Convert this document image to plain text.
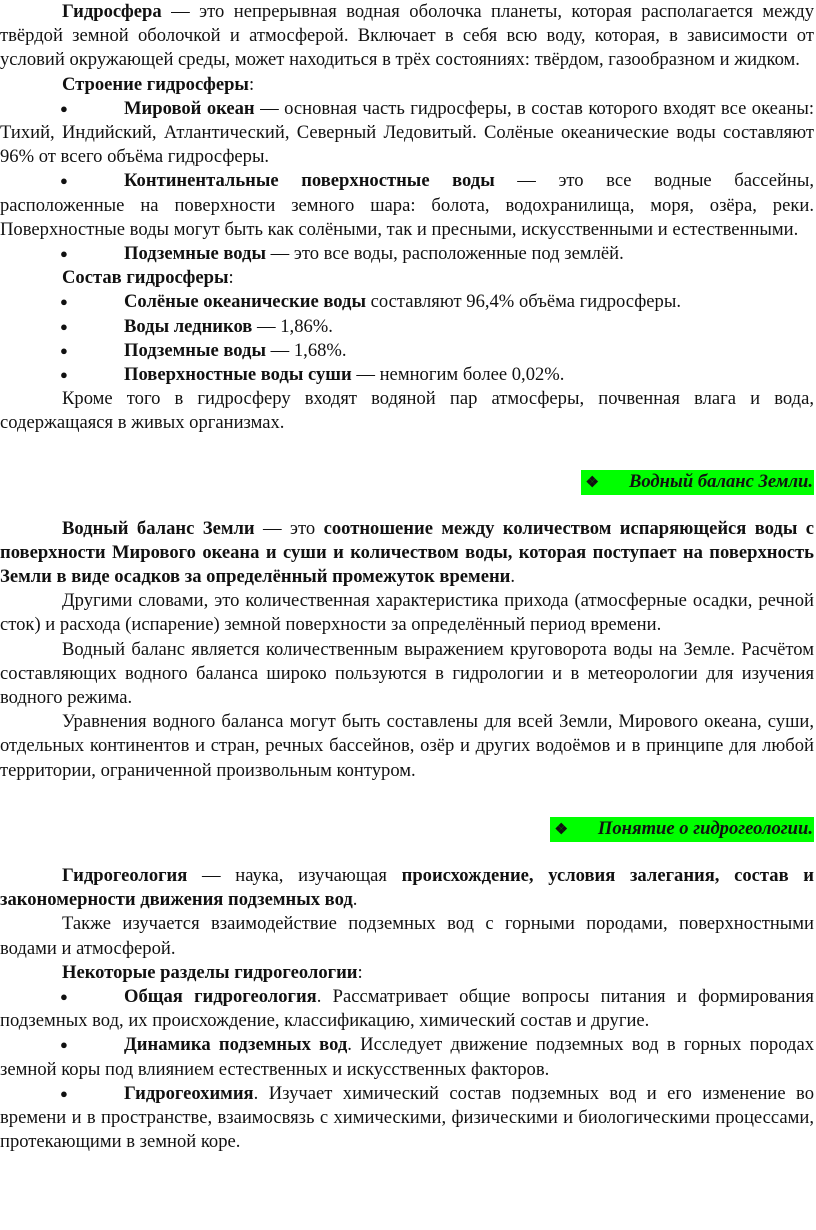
Гидросфера — это непрерывная водная оболочка планеты, которая располагается между твёрдой земной оболочкой и атмосферой. Включает в себя всю воду, которая, в зависимости от условий окружающей среды, может находиться в трёх состояниях: твёрдом, газообразном и жидком.

Строение гидросферы:

●	Мировой океан — основная часть гидросферы, в состав которого входят все океаны: Тихий, Индийский, Атлантический, Северный Ледовитый. Солёные океанические воды составляют 96% от всего объёма гидросферы.

●	Континентальные поверхностные воды — это все водные бассейны, расположенные на поверхности земного шара: болота, водохранилища, моря, озёра, реки. Поверхностные воды могут быть как солёными, так и пресными, искусственными и естественными.

●	Подземные воды — это все воды, расположенные под землёй.

Состав гидросферы:

●	Солёные океанические воды составляют 96,4% объёма гидросферы.

●	Воды ледников — 1,86%.

●	Подземные воды — 1,68%.

●	Поверхностные воды суши — немногим более 0,02%.

Кроме того в гидросферу входят водяной пар атмосферы, почвенная влага и вода, содержащаяся в живых организмах.

❖ Водный баланс Земли.

Водный баланс Земли — это соотношение между количеством испаряющейся воды с поверхности Мирового океана и суши и количеством воды, которая поступает на поверхность Земли в виде осадков за определённый промежуток времени.

Другими словами, это количественная характеристика прихода (атмосферные осадки, речной сток) и расхода (испарение) земной поверхности за определённый период времени.

Водный баланс является количественным выражением круговорота воды на Земле. Расчётом составляющих водного баланса широко пользуются в гидрологии и в метеорологии для изучения водного режима.

Уравнения водного баланса могут быть составлены для всей Земли, Мирового океана, суши, отдельных континентов и стран, речных бассейнов, озёр и других водоёмов и в принципе для любой территории, ограниченной произвольным контуром.

❖ Понятие о гидрогеологии.

Гидрогеология — наука, изучающая происхождение, условия залегания, состав и закономерности движения подземных вод.

Также изучается взаимодействие подземных вод с горными породами, поверхностными водами и атмосферой.

Некоторые разделы гидрогеологии:

●	Общая гидрогеология. Рассматривает общие вопросы питания и формирования подземных вод, их происхождение, классификацию, химический состав и другие.

●	Динамика подземных вод. Исследует движение подземных вод в горных породах земной коры под влиянием естественных и искусственных факторов.

●	Гидрогеохимия. Изучает химический состав подземных вод и его изменение во времени и в пространстве, взаимосвязь с химическими, физическими и биологическими процессами, протекающими в земной коре.
